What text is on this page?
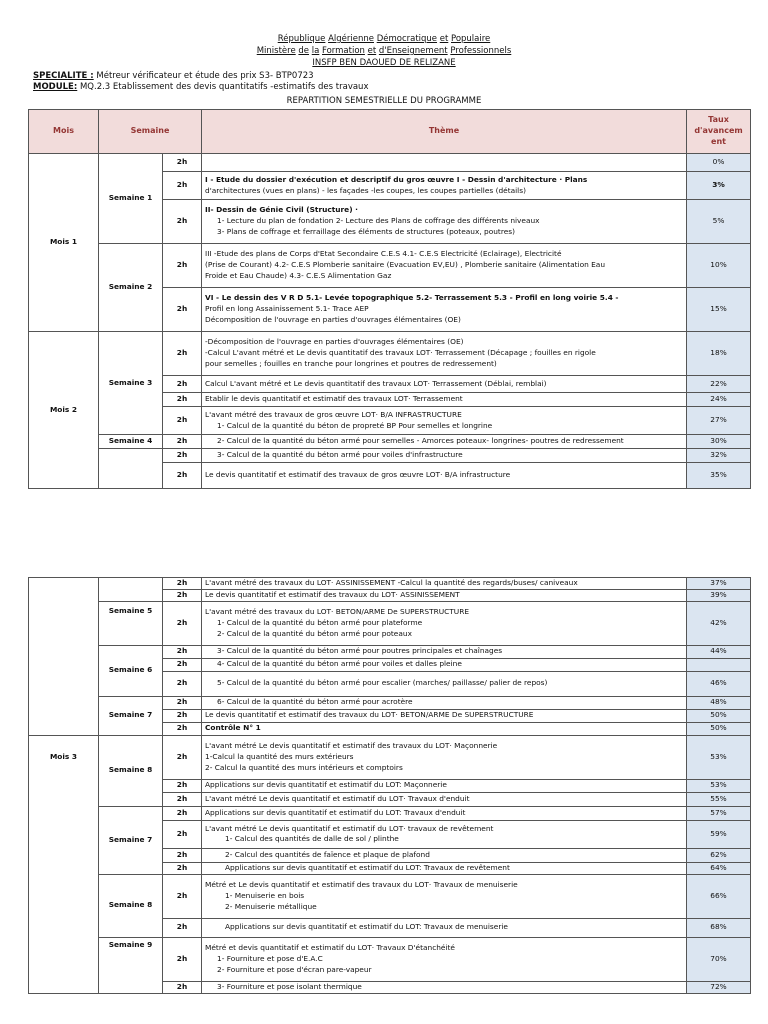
République Algérienne Démocratique et Populaire
Ministère de la Formation et d'Enseignement Professionnels
INSFP BEN DAOUED DE RELIZANE
SPECIALITE : Métreur vérificateur et étude des prix S3- BTP0723
MODULE: MQ.2.3 Etablissement des devis quantitatifs -estimatifs des travaux
REPARTITION SEMESTRIELLE DU PROGRAMME
Mois	Semaine		Thème	Taux d'avancem ent
Mois 1	Semaine 1	2h		0%
		2h	I - Etude du dossier d'exécution et descriptif du gros œuvre I - Dessin d'architecture · Plans
d'architectures (vues en plans) - les façades -les coupes, les coupes partielles (détails)	3%
		2h	II- Dessin de Génie Civil (Structure) ·
1- Lecture du plan de fondation 2- Lecture des Plans de coffrage des différents niveaux
3- Plans de coffrage et ferraillage des éléments de structures (poteaux, poutres)	5%
	Semaine 2	2h	III -Etude des plans de Corps d'Etat Secondaire C.E.S 4.1- C.E.S Electricité (Eclairage), Electricité
(Prise de Courant) 4.2- C.E.S Plomberie sanitaire (Evacuation EV,EU) , Plomberie sanitaire (Alimentation Eau
Froide et Eau Chaude) 4.3- C.E.S Alimentation Gaz	10%
		2h	VI - Le dessin des V R D 5.1- Levée topographique 5.2- Terrassement 5.3 - Profil en long voirie 5.4 -
Profil en long Assainissement 5.1- Trace AEP
Décomposition de l'ouvrage en parties d'ouvrages élémentaires (OE)	15%
Mois 2	Semaine 3	2h	-Décomposition de l'ouvrage en parties d'ouvrages élémentaires (OE)
-Calcul L'avant métré et Le devis quantitatif des travaux LOT· Terrassement (Décapage ; fouilles en rigole
pour semelles ; fouilles en tranche pour longrines et poutres de redressement)	18%
		2h	Calcul L'avant métré et Le devis quantitatif des travaux LOT· Terrassement (Déblai, remblai)	22%
		2h	Etablir le devis quantitatif et estimatif des travaux LOT· Terrassement	24%
		2h	L'avant métré des travaux de gros œuvre LOT· B/A INFRASTRUCTURE
1- Calcul de la quantité du béton de propreté BP Pour semelles et longrine	27%
	Semaine 4	2h	2- Calcul de la quantité du béton armé pour semelles - Amorces poteaux- longrines- poutres de redressement	30%
		2h	3- Calcul de la quantité du béton armé pour voiles d'infrastructure	32%
		2h	Le devis quantitatif et estimatif des travaux de gros œuvre LOT· B/A infrastructure	35%
		2h	L'avant métré des travaux du LOT· ASSINISSEMENT -Calcul la quantité des regards/buses/ caniveaux	37%
		2h	Le devis quantitatif et estimatif des travaux du LOT· ASSINISSEMENT	39%
	Semaine 5	2h	L'avant métré des travaux du LOT· BETON/ARME De SUPERSTRUCTURE
1- Calcul de la quantité du béton armé pour plateforme
2- Calcul de la quantité du béton armé pour poteaux	42%
	Semaine 6	2h	3- Calcul de la quantité du béton armé pour poutres principales et chaînages	44%
		2h	4- Calcul de la quantité du béton armé pour voiles et dalles pleine	

		2h	5- Calcul de la quantité du béton armé pour escalier (marches/ paillasse/ palier de repos)	46%
	Semaine 7	2h	6- Calcul de la quantité du béton armé pour acrotère	48%
		2h	Le devis quantitatif et estimatif des travaux du LOT· BETON/ARME De SUPERSTRUCTURE	50%
		2h	Contrôle N° 1	50%
Mois 3	Semaine 8	2h	L'avant métré Le devis quantitatif et estimatif des travaux du LOT· Maçonnerie
1-Calcul la quantité des murs extérieurs
2- Calcul la quantité des murs intérieurs et comptoirs	53%
		2h	Applications sur devis quantitatif et estimatif du LOT: Maçonnerie	53%
		2h	L'avant métré Le devis quantitatif et estimatif du LOT· Travaux d'enduit	55%
	Semaine 7	2h	Applications sur devis quantitatif et estimatif du LOT: Travaux d'enduit	57%
		2h	L'avant métré Le devis quantitatif et estimatif du LOT· travaux de revêtement
1- Calcul des quantités de dalle de sol / plinthe	59%
		2h	2- Calcul des quantités de faïence et plaque de plafond	62%
		2h	Applications sur devis quantitatif et estimatif du LOT: Travaux de revêtement	64%
	Semaine 8	2h	Métré et Le devis quantitatif et estimatif des travaux du LOT· Travaux de menuiserie
1- Menuiserie en bois
2- Menuiserie métallique	66%
		2h	Applications sur devis quantitatif et estimatif du LOT: Travaux de menuiserie	68%
	Semaine 9	2h	Métré et devis quantitatif et estimatif du LOT· Travaux D'étanchéité
1- Fourniture et pose d'E.A.C
2- Fourniture et pose d'écran pare-vapeur	70%
		2h	3- Fourniture et pose isolant thermique	72%
